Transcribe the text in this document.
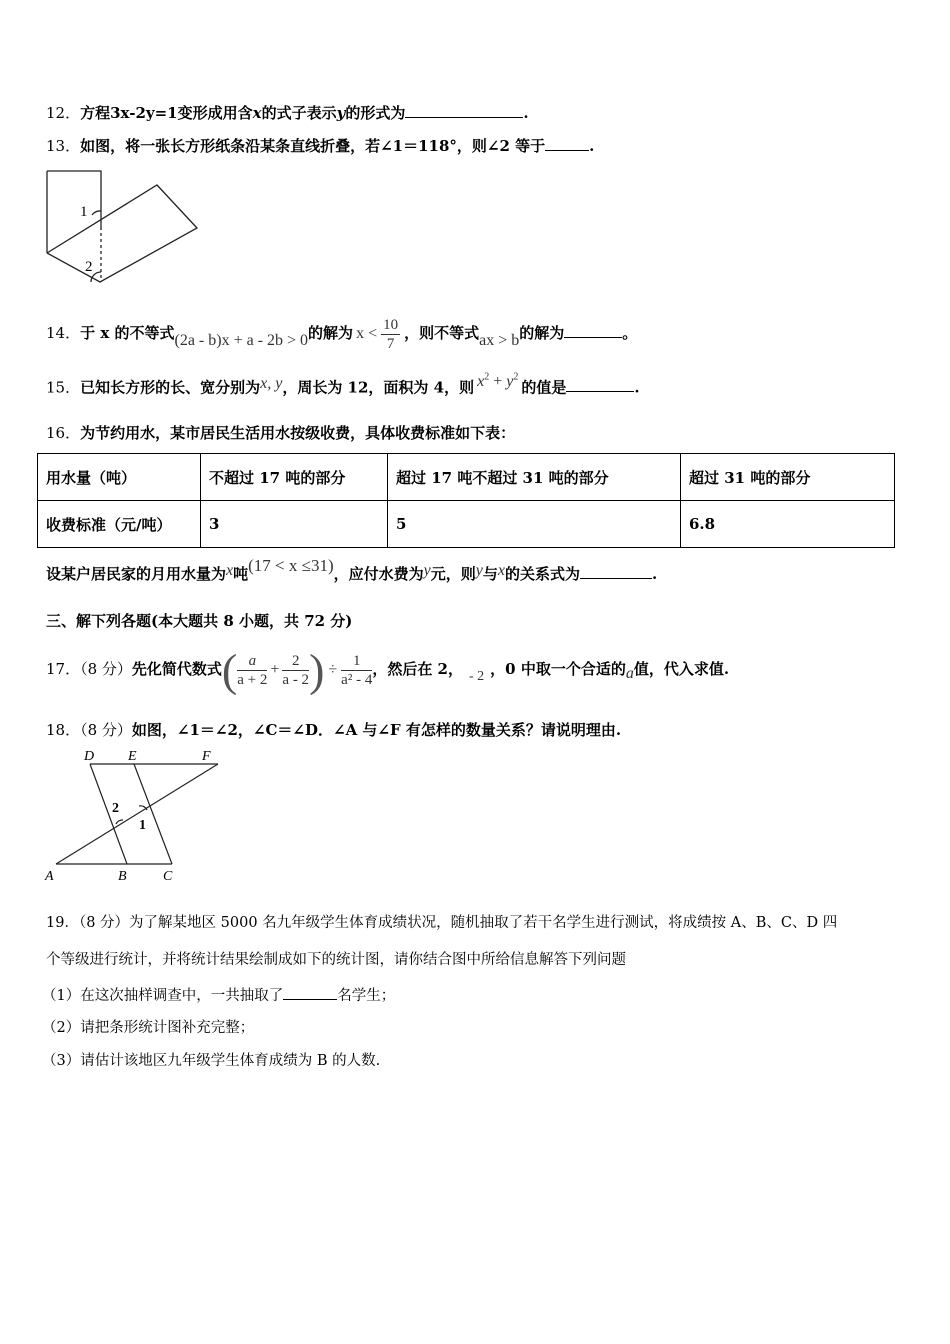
12．方程3x-2y=1变形成用含x的式子表示y的形式为	.
13．如图，将一张长方形纸条沿某条直线折叠，若∠1＝118°，则∠2 等于	.
1
2
14．于 x 的不等式(2a - b)x + a - 2b > 0的解为 $x < \frac{10}{7}$ ，则不等式ax > b的解为	。
15．已知长方形的长、宽分别为x, y，周长为 12，面积为 4，则 $x^2 + y^2$的值是	.
16．为节约用水，某市居民生活用水按级收费，具体收费标准如下表：
用水量（吨）	不超过 17 吨的部分	超过 17 吨不超过 31 吨的部分	超过 31 吨的部分
收费标准（元/吨）	3	5	6.8
设某户居民家的月用水量为x吨(17 < x ≤31)，应付水费为y元，则y与x的关系式为	.
三、解下列各题(本大题共 8 小题，共 72 分)
17．（8 分）先化简代数式( $\frac{a}{a + 2} + \frac{2}{a - 2}$ ) ÷ $\frac{1}{\text{a² - 4}}$ ，然后在 2， - 2 ，0 中取一个合适的a值，代入求值.
18．（8 分）如图，∠1＝∠2，∠C＝∠D．∠A 与∠F 有怎样的数量关系？请说明理由.
D E	F
A	B	C
2
1
19．（8 分）为了解某地区 5000 名九年级学生体育成绩状况，随机抽取了若干名学生进行测试，将成绩按 A、B、C、D 四
个等级进行统计，并将统计结果绘制成如下的统计图，请你结合图中所给信息解答下列问题
（1）在这次抽样调查中，一共抽取了	名学生；
（2）请把条形统计图补充完整；
（3）请估计该地区九年级学生体育成绩为 B 的人数.
